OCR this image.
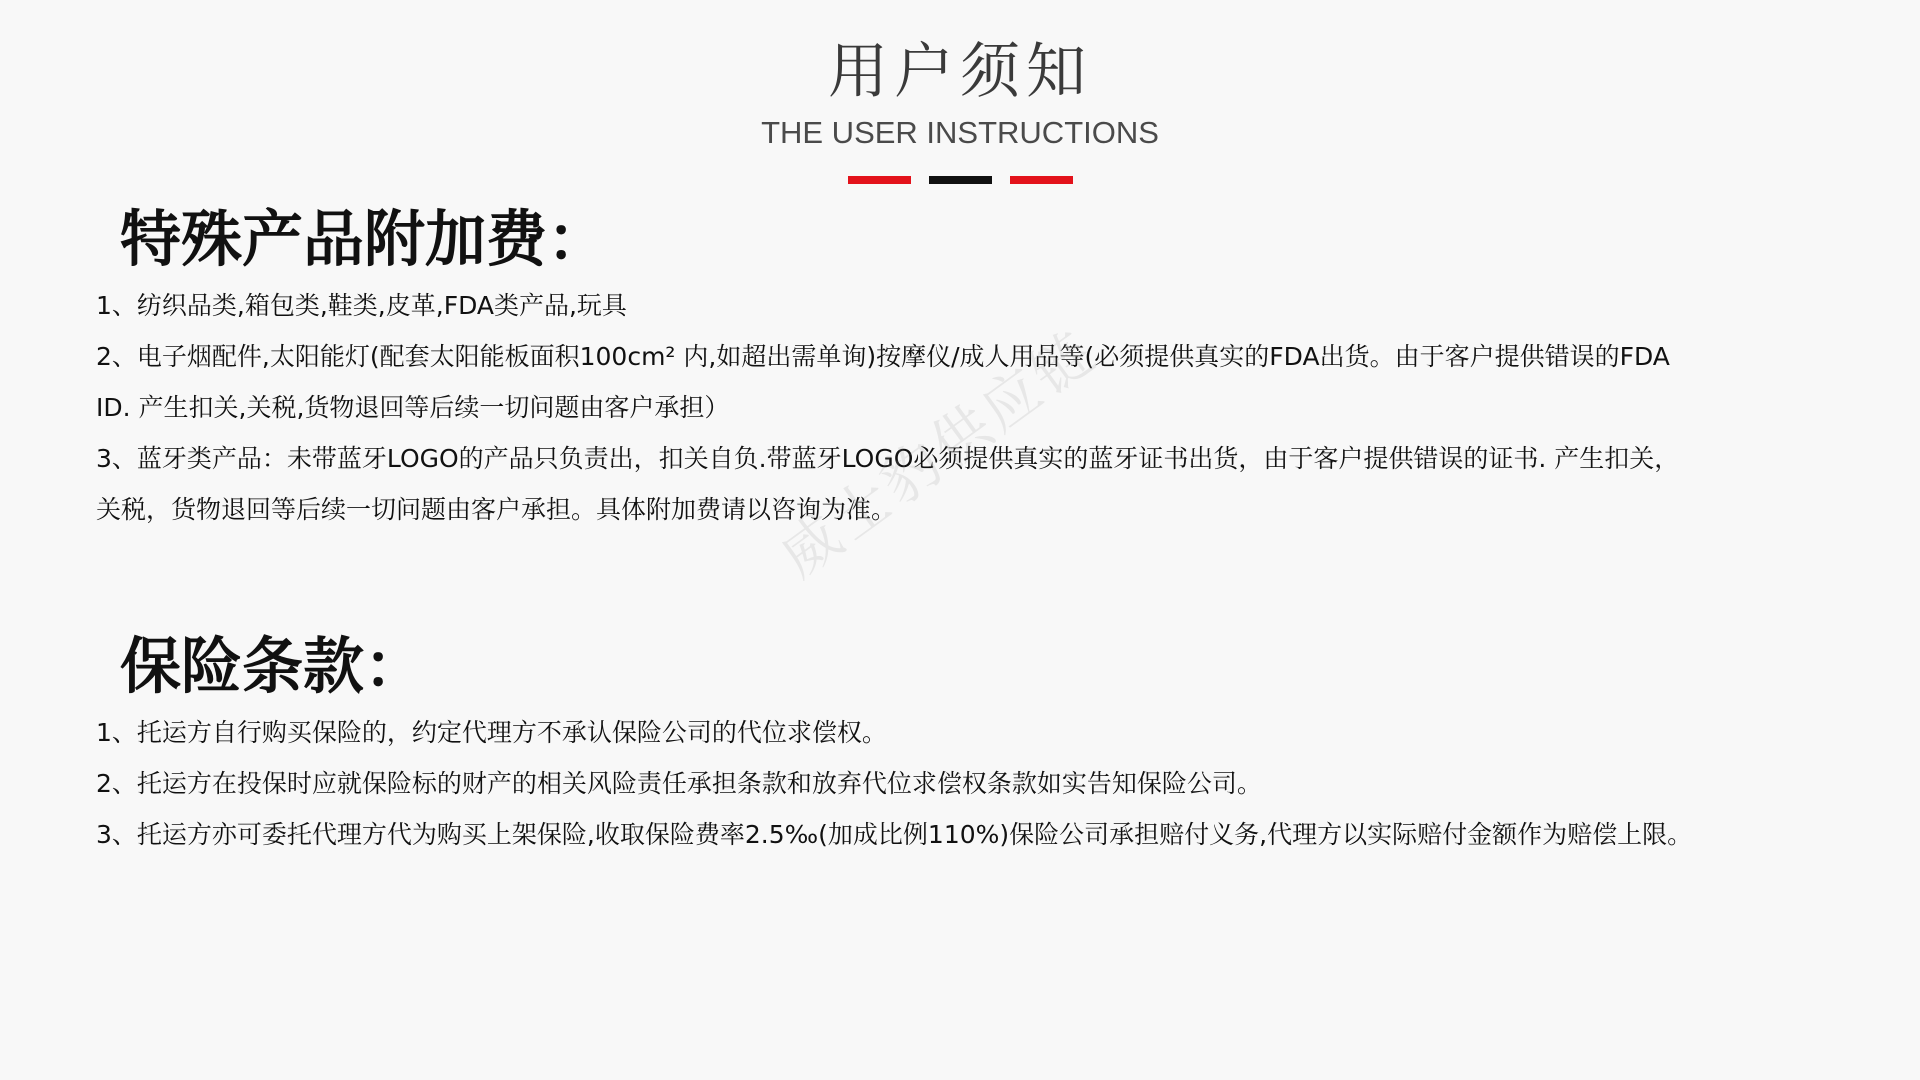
用户须知
THE USER INSTRUCTIONS
特殊产品附加费：
1、纺织品类,箱包类,鞋类,皮革,FDA类产品,玩具
2、电子烟配件,太阳能灯(配套太阳能板面积100cm² 内,如超出需单询)按摩仪/成人用品等(必须提供真实的FDA出货。由于客户提供错误的FDA
ID. 产生扣关,关税,货物退回等后续一切问题由客户承担）
3、蓝牙类产品：未带蓝牙LOGO的产品只负责出，扣关自负.带蓝牙LOGO必须提供真实的蓝牙证书出货，由于客户提供错误的证书. 产生扣关，
关税，货物退回等后续一切问题由客户承担。具体附加费请以咨询为准。
保险条款：
1、托运方自行购买保险的，约定代理方不承认保险公司的代位求偿权。
2、托运方在投保时应就保险标的财产的相关风险责任承担条款和放弃代位求偿权条款如实告知保险公司。
3、托运方亦可委托代理方代为购买上架保险,收取保险费率2.5‰(加成比例110%)保险公司承担赔付义务,代理方以实际赔付金额作为赔偿上限。
威士豹供应链
